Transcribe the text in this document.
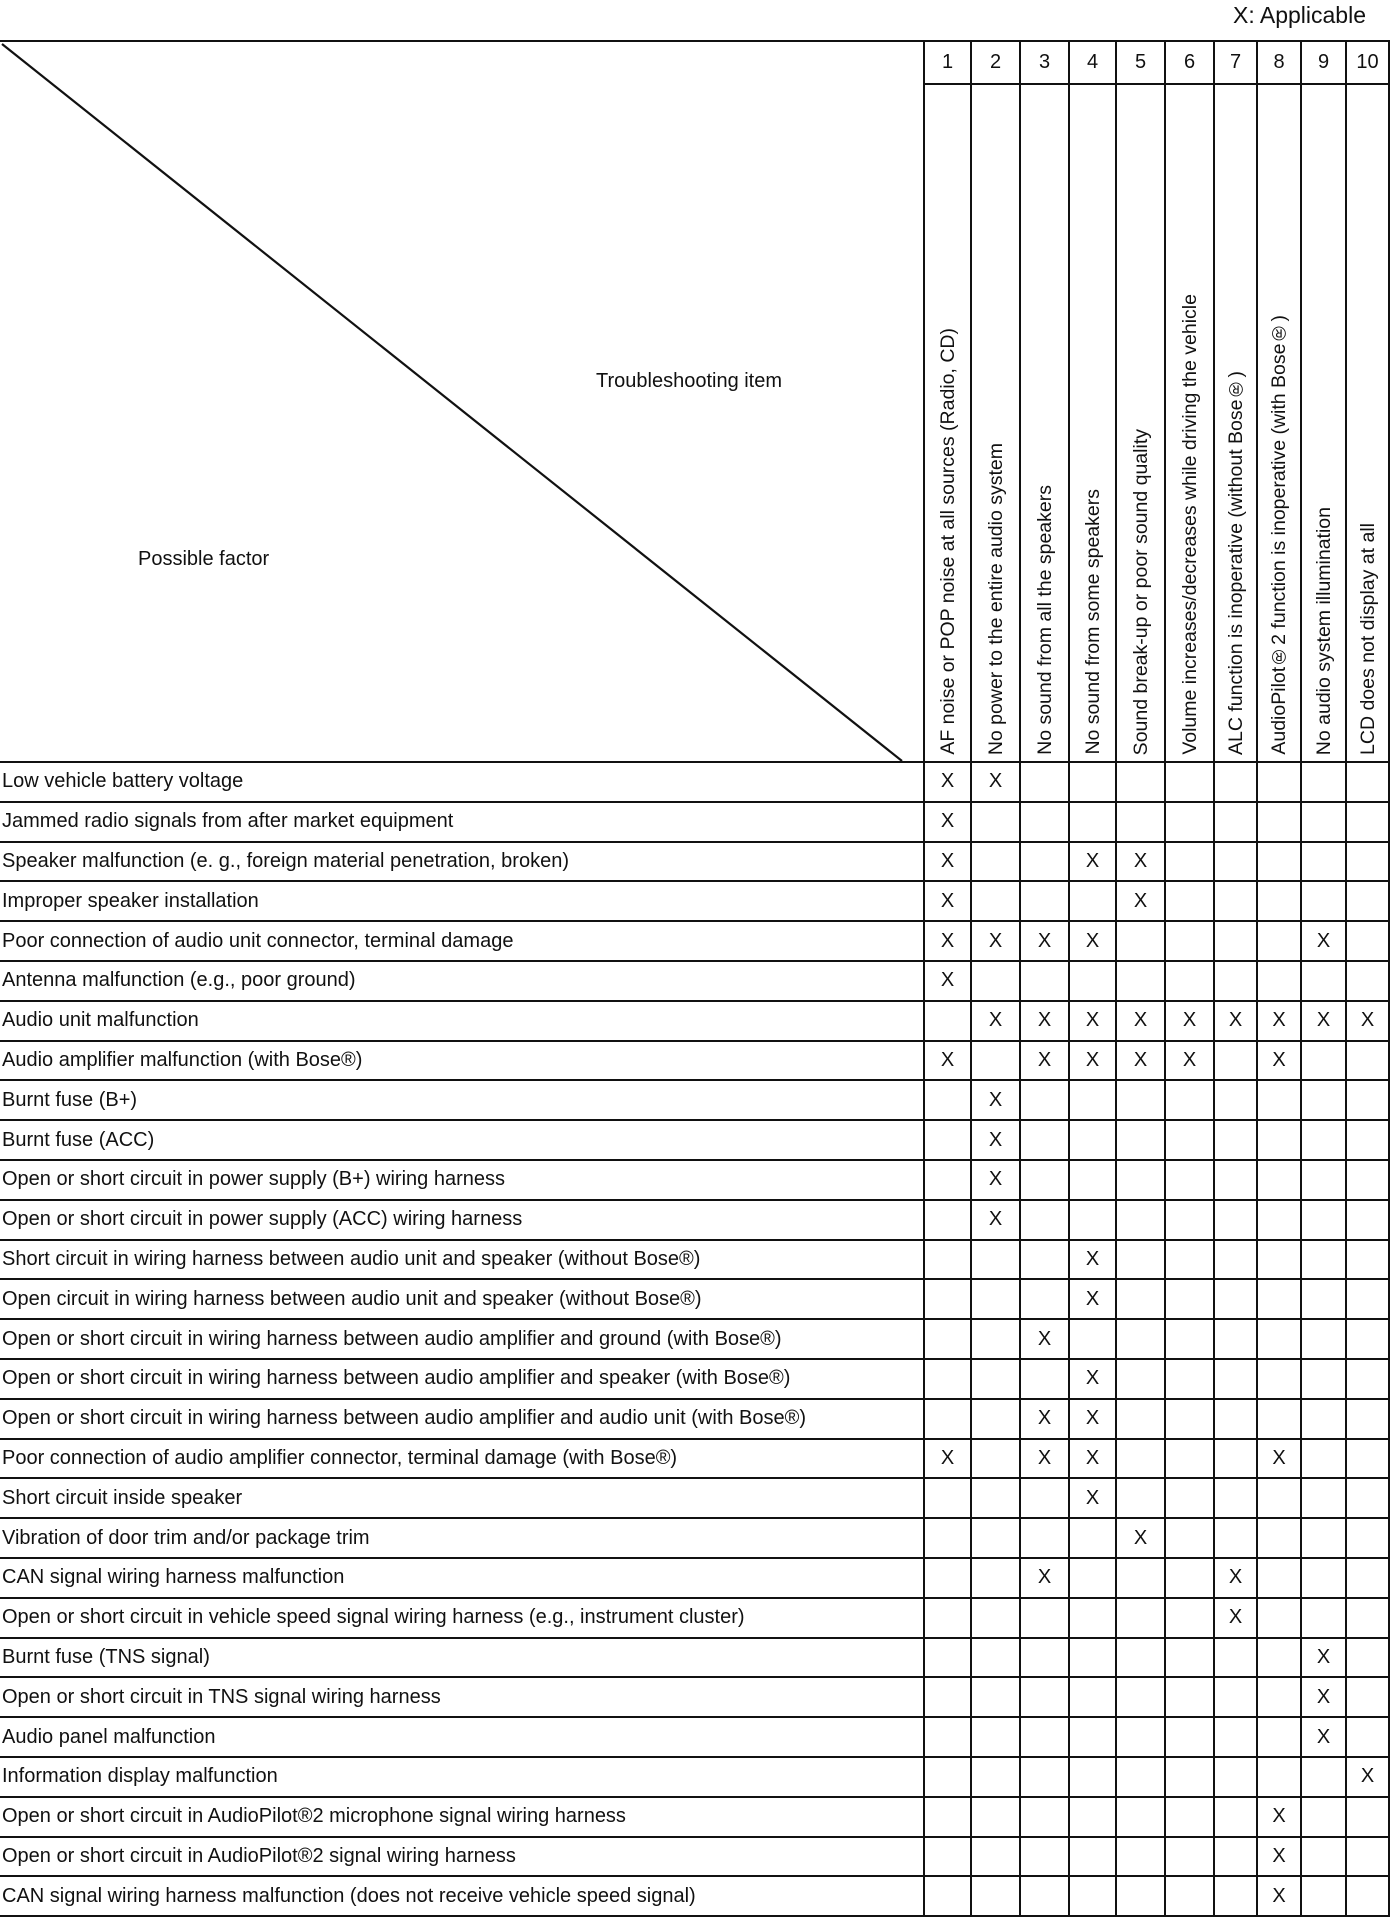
X: Applicable
Troubleshooting item
Possible factor	1	2	3	4	5	6	7	8	9	10
	AF noise or POP noise at all sources (Radio, CD)	No power to the entire audio system	No sound from all the speakers	No sound from some speakers	Sound break-up or poor sound quality	Volume increases/decreases while driving the vehicle	ALC function is inoperative (without Bose®)	AudioPilot®2 function is inoperative (with Bose®)	No audio system illumination	LCD does not display at all
Low vehicle battery voltage	X	X								
Jammed radio signals from after market equipment	X									
Speaker malfunction (e. g., foreign material penetration, broken)	X			X	X					
Improper speaker installation	X				X					
Poor connection of audio unit connector, terminal damage	X	X	X	X					X	
Antenna malfunction (e.g., poor ground)	X									
Audio unit malfunction		X	X	X	X	X	X	X	X	X
Audio amplifier malfunction (with Bose®)	X		X	X	X	X		X		
Burnt fuse (B+)		X								
Burnt fuse (ACC)		X								
Open or short circuit in power supply (B+) wiring harness		X								
Open or short circuit in power supply (ACC) wiring harness		X								
Short circuit in wiring harness between audio unit and speaker (without Bose®)				X						
Open circuit in wiring harness between audio unit and speaker (without Bose®)				X						
Open or short circuit in wiring harness between audio amplifier and ground (with Bose®)			X							
Open or short circuit in wiring harness between audio amplifier and speaker (with Bose®)				X						
Open or short circuit in wiring harness between audio amplifier and audio unit (with Bose®)			X	X						
Poor connection of audio amplifier connector, terminal damage (with Bose®)	X		X	X				X		
Short circuit inside speaker				X						
Vibration of door trim and/or package trim					X					
CAN signal wiring harness malfunction			X				X			
Open or short circuit in vehicle speed signal wiring harness (e.g., instrument cluster)							X			
Burnt fuse (TNS signal)									X	
Open or short circuit in TNS signal wiring harness									X	
Audio panel malfunction									X	
Information display malfunction										X
Open or short circuit in AudioPilot®2 microphone signal wiring harness								X		
Open or short circuit in AudioPilot®2 signal wiring harness								X		
CAN signal wiring harness malfunction (does not receive vehicle speed signal)								X		
